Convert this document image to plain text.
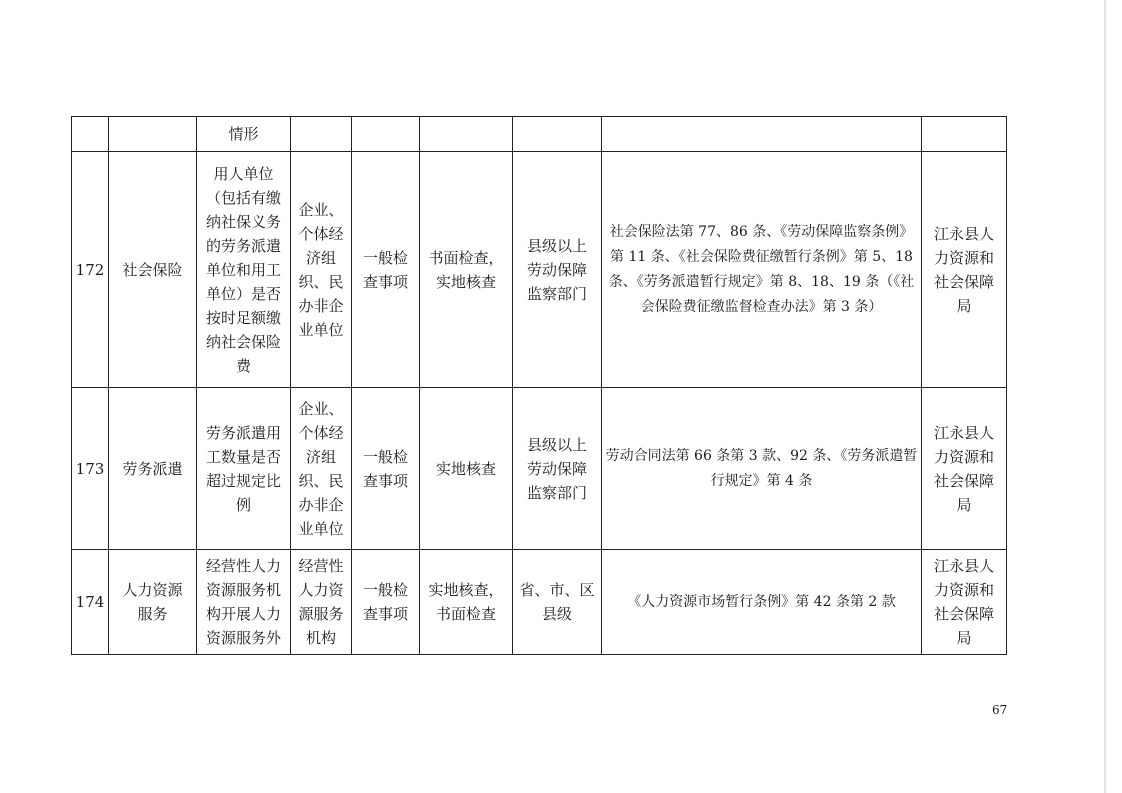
		情形						
172	社会保险	用人单位（包括有缴纳社保义务的劳务派遣单位和用工单位）是否按时足额缴纳社会保险费	企业、个体经济组织、民办非企业单位	一般检查事项	书面检查，实地核查	县级以上劳动保障监察部门	社会保险法第 77、86 条、《劳动保障监察条例》第 11 条、《社会保险费征缴暂行条例》第 5、18 条、《劳务派遣暂行规定》第 8、18、19 条（《社会保险费征缴监督检查办法》第 3 条）	江永县人力资源和社会保障局

173	劳务派遣	劳务派遣用工数量是否超过规定比例	企业、个体经济组织、民办非企业单位	一般检查事项	实地核查	县级以上劳动保障监察部门	劳动合同法第 66 条第 3 款、92 条、《劳务派遣暂行规定》第 4 条	江永县人力资源和社会保障局

174	人力资源服务	经营性人力资源服务机构开展人力资源服务外	经营性人力资源服务机构	一般检查事项	实地核查，书面检查	省、市、区县级	《人力资源市场暂行条例》第 42 条第 2 款	江永县人力资源和社会保障局
67
